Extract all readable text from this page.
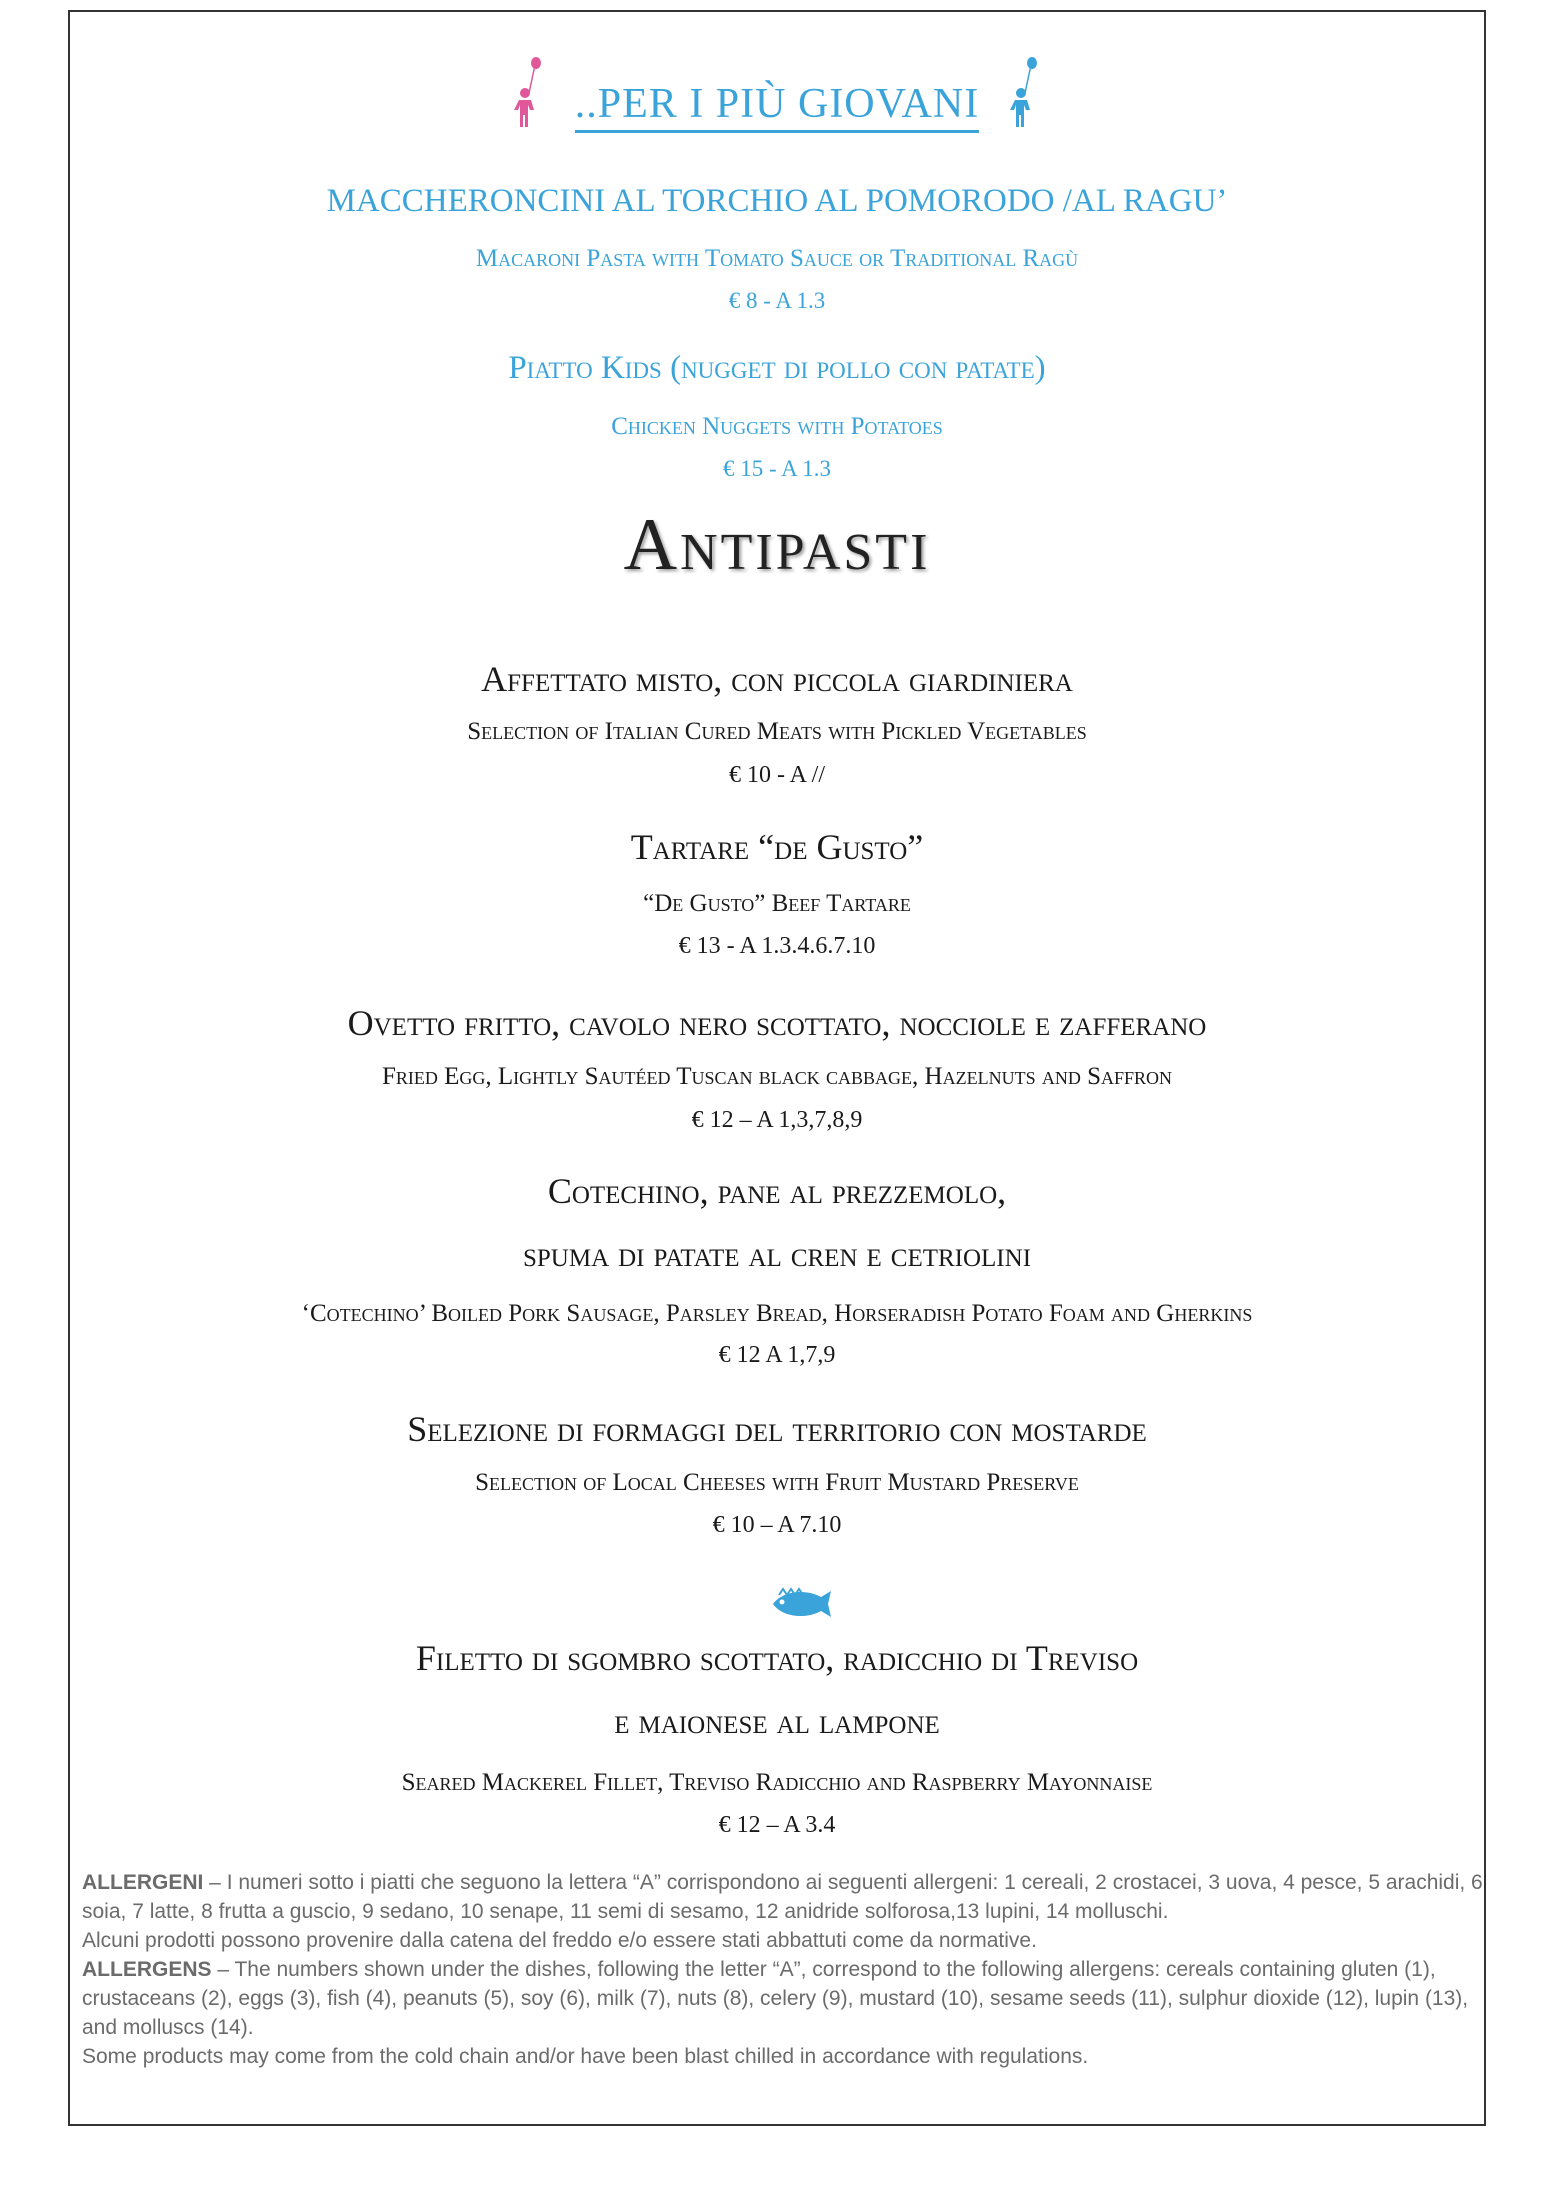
..PER I PIÙ GIOVANI
MACCHERONCINI AL TORCHIO AL POMORODO /AL RAGU’
Macaroni Pasta with Tomato Sauce or Traditional Ragù
€ 8 - A 1.3
Piatto Kids (nugget di pollo con patate)
Chicken Nuggets with Potatoes
€ 15 - A 1.3
Antipasti
Affettato misto, con piccola giardiniera
Selection of Italian Cured Meats with Pickled Vegetables
€ 10 - A //
Tartare “de Gusto”
“De Gusto” Beef Tartare
€ 13 - A 1.3.4.6.7.10
Ovetto fritto, cavolo nero scottato, nocciole e zafferano
Fried Egg, Lightly Sautéed Tuscan black cabbage, Hazelnuts and Saffron
€ 12 – A 1,3,7,8,9
Cotechino, pane al prezzemolo,
spuma di patate al cren e cetriolini
‘Cotechino’ Boiled Pork Sausage, Parsley Bread, Horseradish Potato Foam and Gherkins
€ 12 A 1,7,9
Selezione di formaggi del territorio con mostarde
Selection of Local Cheeses with Fruit Mustard Preserve
€ 10 – A 7.10
Filetto di sgombro scottato, radicchio di Treviso
e maionese al lampone
Seared Mackerel Fillet, Treviso Radicchio and Raspberry Mayonnaise
€ 12 – A 3.4

ALLERGENI – I numeri sotto i piatti che seguono la lettera “A” corrispondono ai seguenti allergeni: 1 cereali, 2 crostacei, 3 uova, 4 pesce, 5 arachidi, 6 soia, 7 latte, 8 frutta a guscio, 9 sedano, 10 senape, 11 semi di sesamo, 12 anidride solforosa,13 lupini, 14 molluschi.

Alcuni prodotti possono provenire dalla catena del freddo e/o essere stati abbattuti come da normative.

ALLERGENS – The numbers shown under the dishes, following the letter “A”, correspond to the following allergens: cereals containing gluten (1), crustaceans (2), eggs (3), fish (4), peanuts (5), soy (6), milk (7), nuts (8), celery (9), mustard (10), sesame seeds (11), sulphur dioxide (12), lupin (13), and molluscs (14).

Some products may come from the cold chain and/or have been blast chilled in accordance with regulations.
